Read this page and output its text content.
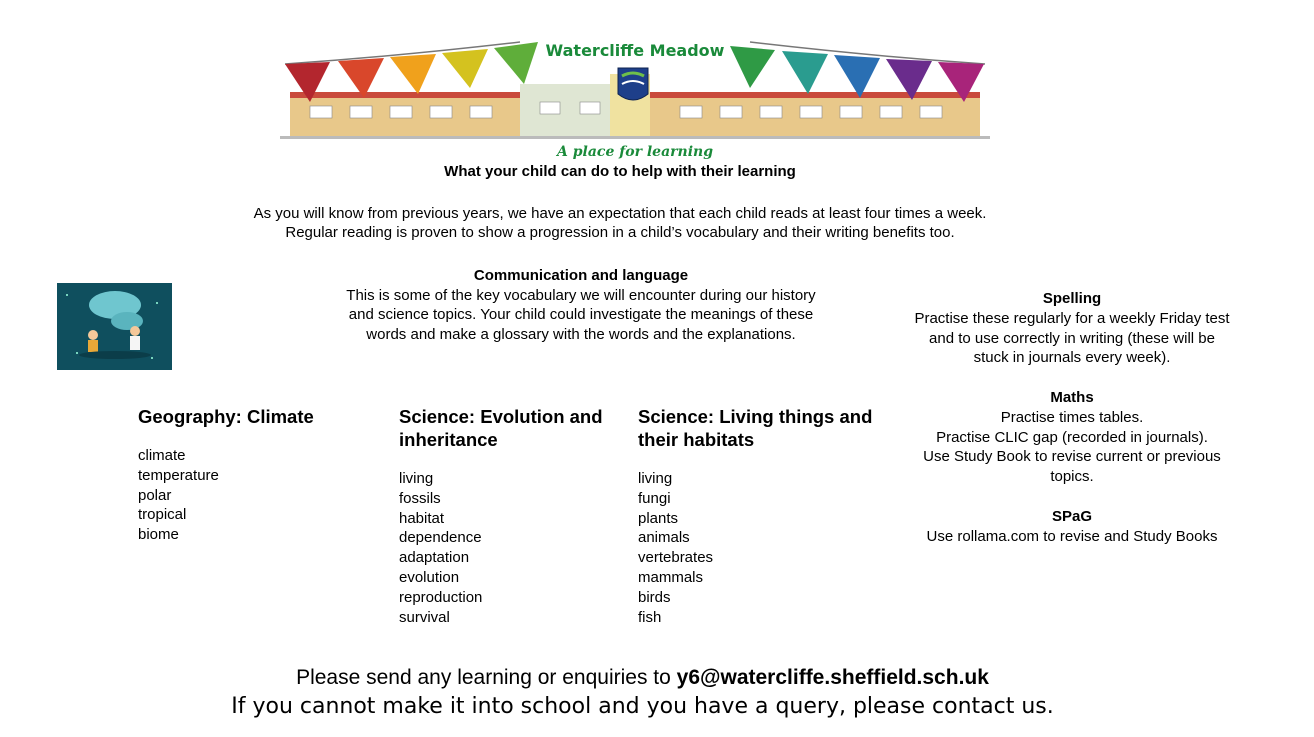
Watercliffe Meadow
A place for learning
What your child can do to help with their learning
As you will know from previous years, we have an expectation that each child reads at least four times a week.
Regular reading is proven to show a progression in a child’s vocabulary and their writing benefits too.
Communication and language
This is some of the key vocabulary we will encounter during our history and science topics. Your child could investigate the meanings of these words and make a glossary with the words and the explanations.
Geography: Climate
climate
temperature
polar
tropical
biome
Science: Evolution and inheritance
living
fossils
habitat
dependence
adaptation
evolution
reproduction
survival
Science: Living things and their habitats
living
fungi
plants
animals
vertebrates
mammals
birds
fish
Spelling
Practise these regularly for a weekly Friday test and to use correctly in writing (these will be stuck in journals every week).
Maths
Practise times tables.
Practise CLIC gap (recorded in journals).
Use Study Book to revise current or previous topics.
SPaG
Use rollama.com to revise and Study Books
Please send any learning or enquiries to y6@watercliffe.sheffield.sch.uk
If you cannot make it into school and you have a query, please contact us.
